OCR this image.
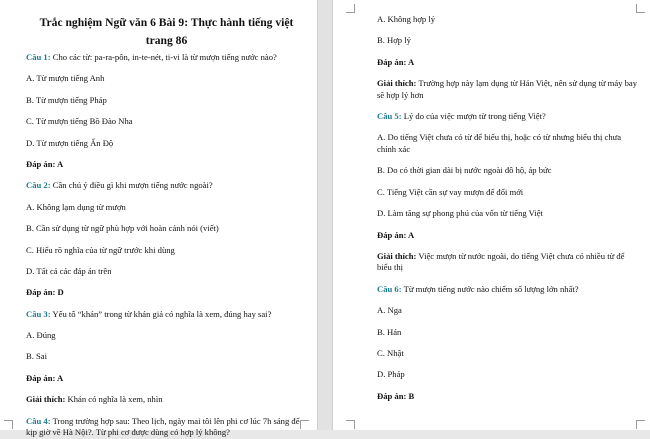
Trắc nghiệm Ngữ văn 6 Bài 9: Thực hành tiếng việt trang 86

Câu 1: Cho các từ: pa-ra-pôn, in-te-nét, ti-vi là từ mượn tiếng nước nào?

A. Từ mượn tiếng Anh

B. Từ mượn tiếng Pháp

C. Từ mượn tiếng Bồ Đào Nha

D. Từ mượn tiếng Ấn Độ

Đáp án: A

Câu 2: Cần chú ý điều gì khi mượn tiếng nước ngoài?

A. Không lạm dụng từ mượn

B. Cần sử dụng từ ngữ phù hợp với hoàn cảnh nói (viết)

C. Hiểu rõ nghĩa của từ ngữ trước khi dùng

D. Tất cả các đáp án trên

Đáp án: D

Câu 3: Yếu tố “khán” trong từ khán giả có nghĩa là xem, đúng hay sai?

A. Đúng

B. Sai

Đáp án: A

Giải thích: Khán có nghĩa là xem, nhìn

Câu 4: Trong trường hợp sau: Theo lịch, ngày mai tôi lên phi cơ lúc 7h sáng để kịp giờ về Hà Nội?. Từ phi cơ được dùng có hợp lý không?

A. Không hợp lý

B. Hợp lý

Đáp án: A

Giải thích: Trường hợp này lạm dụng từ Hán Việt, nên sử dụng từ máy bay sẽ hợp lý hơn

Câu 5: Lý do của việc mượn từ trong tiếng Việt?

A. Do tiếng Việt chưa có từ để biểu thị, hoặc có từ nhưng biểu thị chưa chính xác

B. Do có thời gian dài bị nước ngoài đô hộ, áp bức

C. Tiếng Việt cần sự vay mượn để đổi mới

D. Làm tăng sự phong phú của vốn từ tiếng Việt

Đáp án: A

Giải thích: Việc mượn từ nước ngoài, do tiếng Việt chưa có nhiều từ để biểu thị

Câu 6: Từ mượn tiếng nước nào chiếm số lượng lớn nhất?

A. Nga

B. Hán

C. Nhật

D. Pháp

Đáp án: B
